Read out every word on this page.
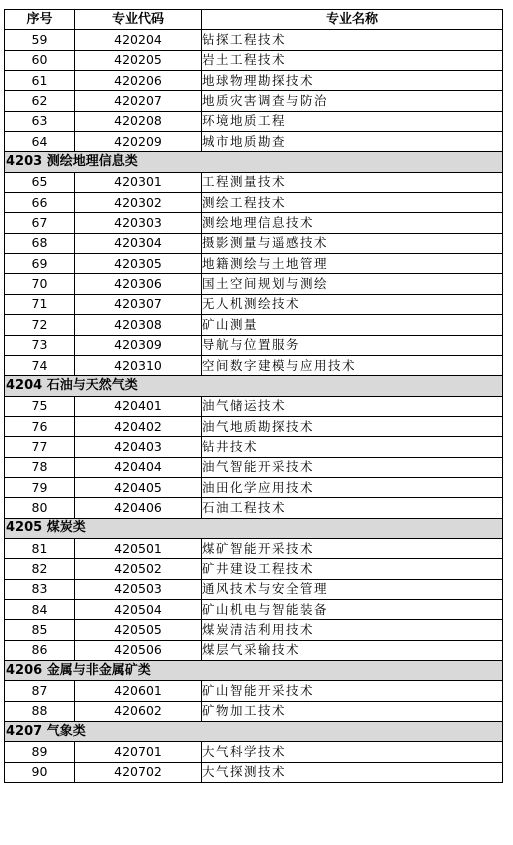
序号	专业代码	专业名称
59	420204	钻探工程技术
60	420205	岩土工程技术
61	420206	地球物理勘探技术
62	420207	地质灾害调查与防治
63	420208	环境地质工程
64	420209	城市地质勘查
4203 测绘地理信息类		
65	420301	工程测量技术
66	420302	测绘工程技术
67	420303	测绘地理信息技术
68	420304	摄影测量与遥感技术
69	420305	地籍测绘与土地管理
70	420306	国土空间规划与测绘
71	420307	无人机测绘技术
72	420308	矿山测量
73	420309	导航与位置服务
74	420310	空间数字建模与应用技术
4204 石油与天然气类		
75	420401	油气储运技术
76	420402	油气地质勘探技术
77	420403	钻井技术
78	420404	油气智能开采技术
79	420405	油田化学应用技术
80	420406	石油工程技术
4205 煤炭类		
81	420501	煤矿智能开采技术
82	420502	矿井建设工程技术
83	420503	通风技术与安全管理
84	420504	矿山机电与智能装备
85	420505	煤炭清洁利用技术
86	420506	煤层气采输技术
4206 金属与非金属矿类		
87	420601	矿山智能开采技术
88	420602	矿物加工技术
4207 气象类		
89	420701	大气科学技术
90	420702	大气探测技术
